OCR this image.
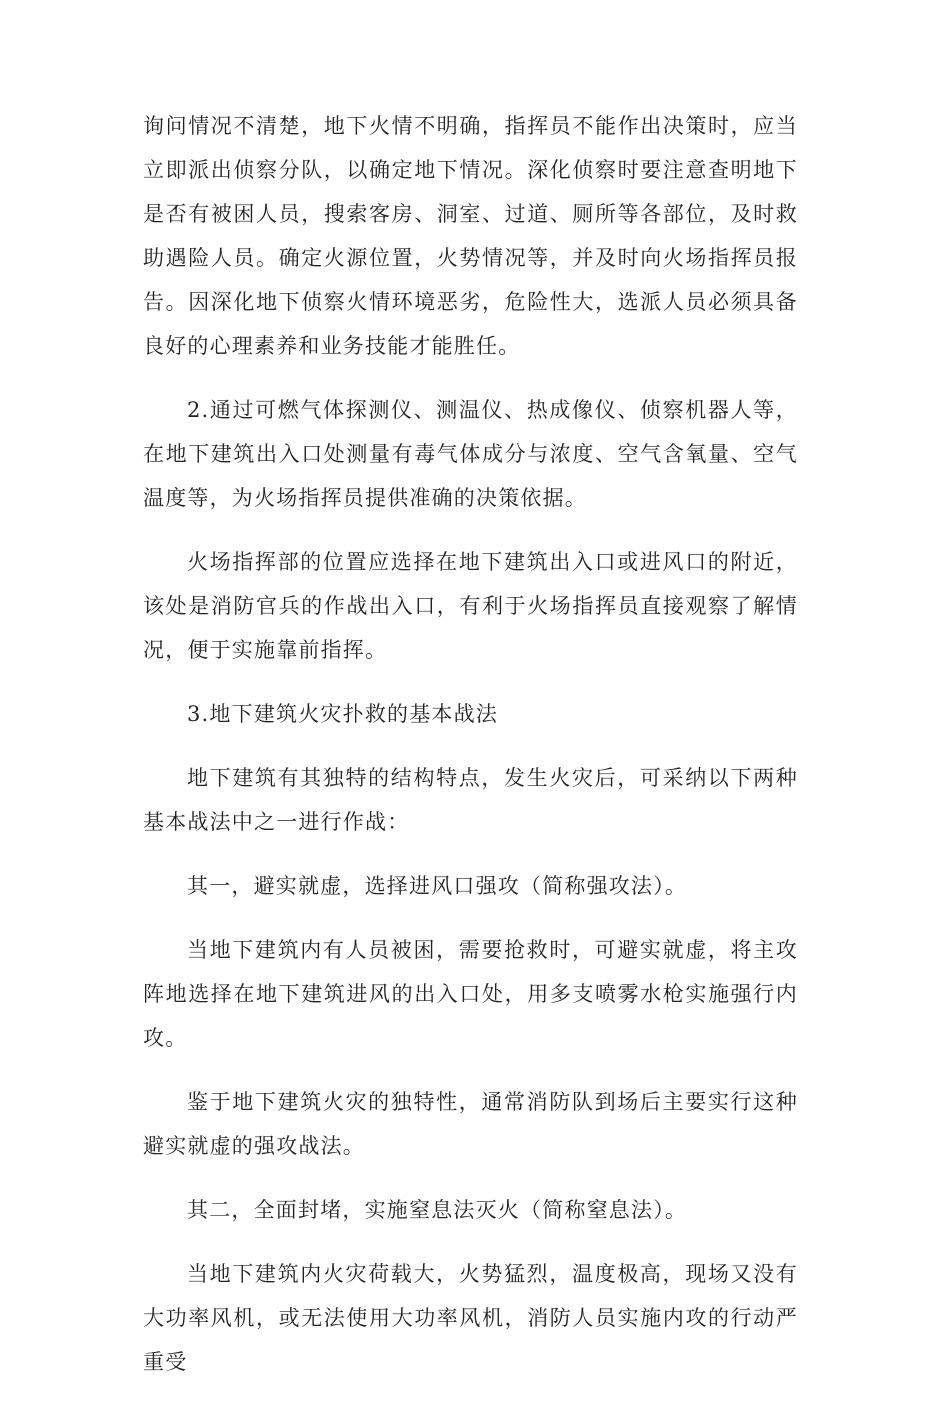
询问情况不清楚，地下火情不明确，指挥员不能作出决策时，应当立即派出侦察分队，以确定地下情况。深化侦察时要注意查明地下是否有被困人员，搜索客房、洞室、过道、厕所等各部位，及时救助遇险人员。确定火源位置，火势情况等，并及时向火场指挥员报告。因深化地下侦察火情环境恶劣，危险性大，选派人员必须具备良好的心理素养和业务技能才能胜任。

2.通过可燃气体探测仪、测温仪、热成像仪、侦察机器人等，在地下建筑出入口处测量有毒气体成分与浓度、空气含氧量、空气温度等，为火场指挥员提供准确的决策依据。

火场指挥部的位置应选择在地下建筑出入口或进风口的附近，该处是消防官兵的作战出入口，有利于火场指挥员直接观察了解情况，便于实施靠前指挥。

3.地下建筑火灾扑救的基本战法

地下建筑有其独特的结构特点，发生火灾后，可采纳以下两种基本战法中之一进行作战：

其一，避实就虚，选择进风口强攻（简称强攻法）。

当地下建筑内有人员被困，需要抢救时，可避实就虚，将主攻阵地选择在地下建筑进风的出入口处，用多支喷雾水枪实施强行内攻。

鉴于地下建筑火灾的独特性，通常消防队到场后主要实行这种避实就虚的强攻战法。

其二，全面封堵，实施窒息法灭火（简称窒息法）。

当地下建筑内火灾荷载大，火势猛烈，温度极高，现场又没有大功率风机，或无法使用大功率风机，消防人员实施内攻的行动严重受
